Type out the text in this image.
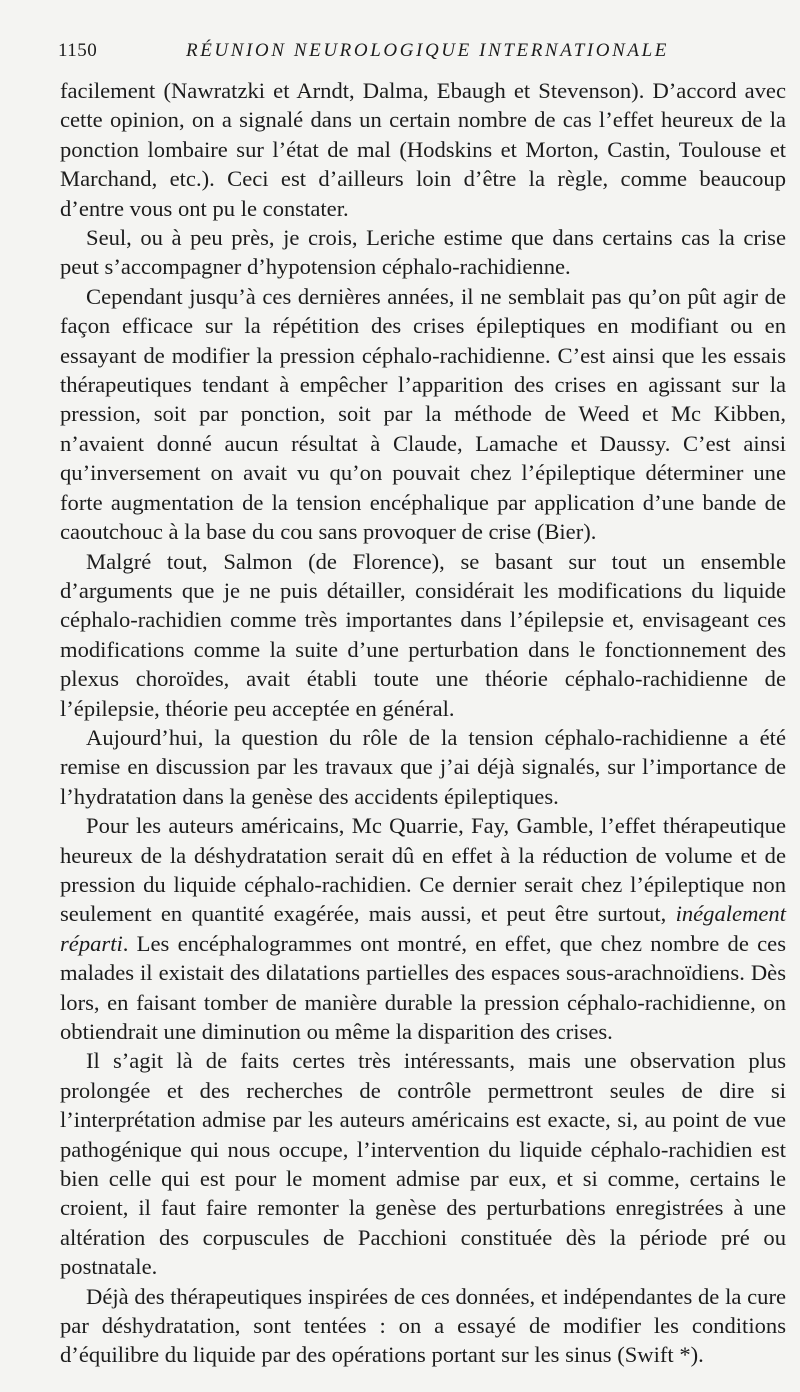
1150	RÉUNION NEUROLOGIQUE INTERNATIONALE

facilement (Nawratzki et Arndt, Dalma, Ebaugh et Stevenson). D’accord avec cette opinion, on a signalé dans un certain nombre de cas l’effet heureux de la ponction lombaire sur l’état de mal (Hodskins et Morton, Castin, Toulouse et Marchand, etc.). Ceci est d’ailleurs loin d’être la règle, comme beaucoup d’entre vous ont pu le constater.

Seul, ou à peu près, je crois, Leriche estime que dans certains cas la crise peut s’accompagner d’hypotension céphalo-rachidienne.

Cependant jusqu’à ces dernières années, il ne semblait pas qu’on pût agir de façon efficace sur la répétition des crises épileptiques en modifiant ou en essayant de modifier la pression céphalo-rachidienne. C’est ainsi que les essais thérapeutiques tendant à empêcher l’apparition des crises en agissant sur la pression, soit par ponction, soit par la méthode de Weed et Mc Kibben, n’avaient donné aucun résultat à Claude, Lamache et Daussy. C’est ainsi qu’inversement on avait vu qu’on pouvait chez l’épileptique déterminer une forte augmentation de la tension encéphalique par application d’une bande de caoutchouc à la base du cou sans provoquer de crise (Bier).

Malgré tout, Salmon (de Florence), se basant sur tout un ensemble d’arguments que je ne puis détailler, considérait les modifications du liquide céphalo-rachidien comme très importantes dans l’épilepsie et, envisageant ces modifications comme la suite d’une perturbation dans le fonctionnement des plexus choroïdes, avait établi toute une théorie céphalo-rachidienne de l’épilepsie, théorie peu acceptée en général.

Aujourd’hui, la question du rôle de la tension céphalo-rachidienne a été remise en discussion par les travaux que j’ai déjà signalés, sur l’importance de l’hydratation dans la genèse des accidents épileptiques.

Pour les auteurs américains, Mc Quarrie, Fay, Gamble, l’effet thérapeutique heureux de la déshydratation serait dû en effet à la réduction de volume et de pression du liquide céphalo-rachidien. Ce dernier serait chez l’épileptique non seulement en quantité exagérée, mais aussi, et peut être surtout, inégalement réparti. Les encéphalogrammes ont montré, en effet, que chez nombre de ces malades il existait des dilatations partielles des espaces sous-arachnoïdiens. Dès lors, en faisant tomber de manière durable la pression céphalo-rachidienne, on obtiendrait une diminution ou même la disparition des crises.

Il s’agit là de faits certes très intéressants, mais une observation plus prolongée et des recherches de contrôle permettront seules de dire si l’interprétation admise par les auteurs américains est exacte, si, au point de vue pathogénique qui nous occupe, l’intervention du liquide céphalo-rachidien est bien celle qui est pour le moment admise par eux, et si comme, certains le croient, il faut faire remonter la genèse des perturbations enregistrées à une altération des corpuscules de Pacchioni constituée dès la période pré ou postnatale.

Déjà des thérapeutiques inspirées de ces données, et indépendantes de la cure par déshydratation, sont tentées : on a essayé de modifier les conditions d’équilibre du liquide par des opérations portant sur les sinus (Swift *).
